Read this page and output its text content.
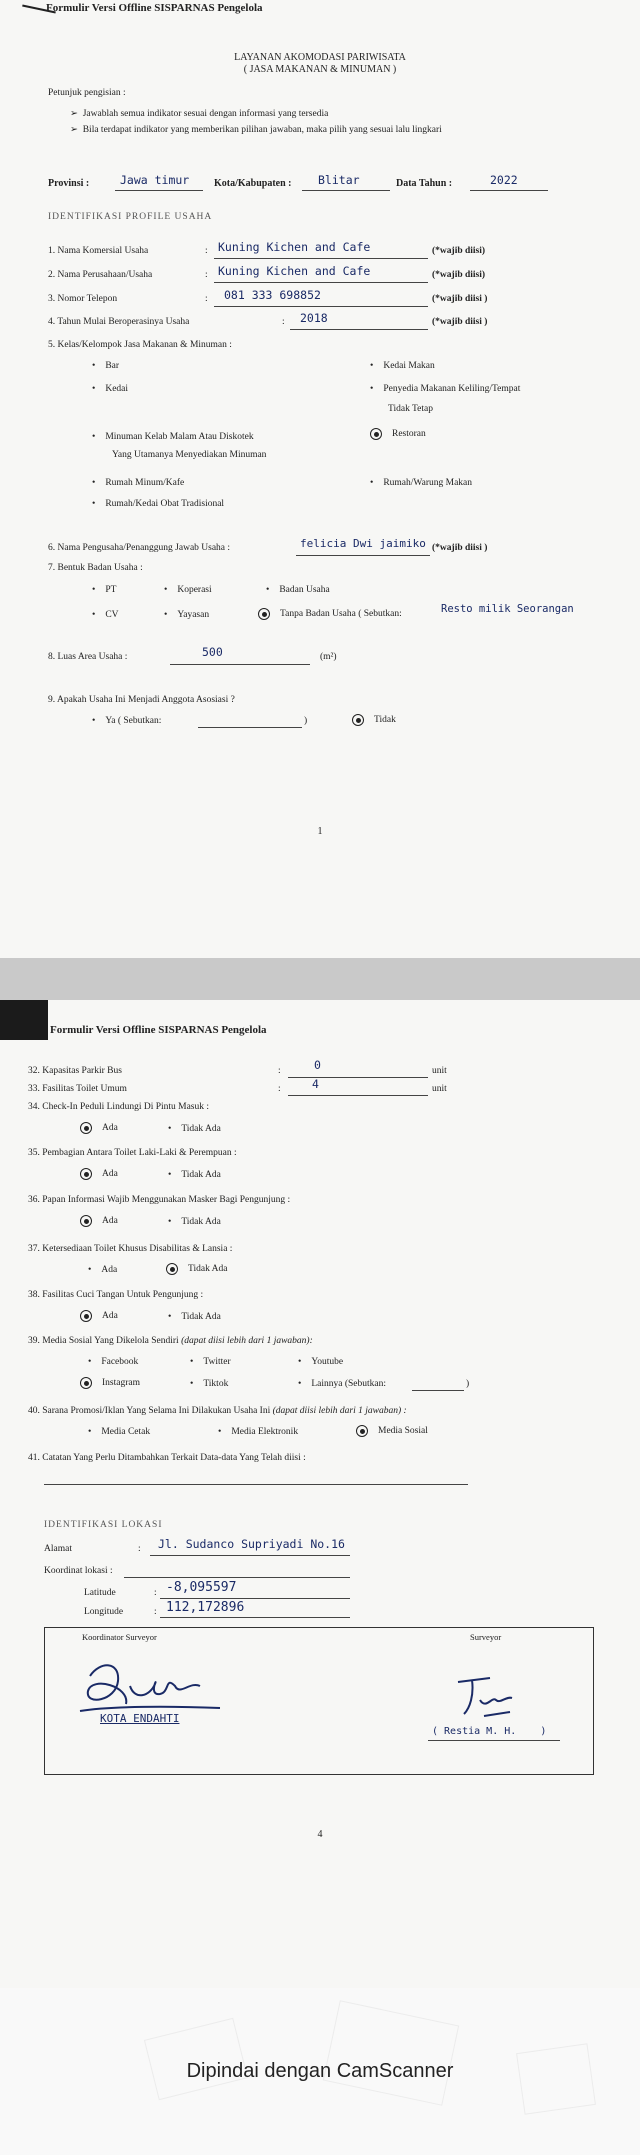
Formulir Versi Offline SISPARNAS Pengelola
LAYANAN AKOMODASI PARIWISATA
( JASA MAKANAN & MINUMAN )
Petunjuk pengisian :
➢  Jawablah semua indikator sesuai dengan informasi yang tersedia
➢  Bila terdapat indikator yang memberikan pilihan jawaban, maka pilih yang sesuai lalu lingkari
Provinsi :	Jawa timur Kota/Kabupaten : Blitar	Data Tahun :	2022
IDENTIFIKASI PROFILE USAHA
1. Nama Komersial Usaha	: Kuning Kichen and Cafe	(*wajib diisi)
2. Nama Perusahaan/Usaha	: Kuning Kichen and Cafe	(*wajib diisi)
3. Nomor Telepon	: 081 333 698852	(*wajib diisi )
4. Tahun Mulai Beroperasinya Usaha	: 2018	(*wajib diisi )
5. Kelas/Kelompok Jasa Makanan & Minuman :
• Bar
• Kedai
• Minuman Kelab Malam Atau Diskotek
Yang Utamanya Menyediakan Minuman
• Rumah Minum/Kafe
• Rumah/Kedai Obat Tradisional
• Kedai Makan
• Penyedia Makanan Keliling/Tempat
Tidak Tetap
Restoran
• Rumah/Warung Makan
6. Nama Pengusaha/Penanggung Jawab Usaha :	felicia Dwi jaimiko (*wajib diisi )
7. Bentuk Badan Usaha :
• PT	• Koperasi	• Badan Usaha
• CV	• Yayasan	Tanpa Badan Usaha ( Sebutkan:	Resto milik Seorangan
8. Luas Area Usaha :	500	(m²)
9. Apakah Usaha Ini Menjadi Anggota Asosiasi ?
• Ya ( Sebutkan:	)	Tidak
1
Formulir Versi Offline SISPARNAS Pengelola
32. Kapasitas Parkir Bus	:	0	unit
33. Fasilitas Toilet Umum	:	4	unit
34. Check-In Peduli Lindungi Di Pintu Masuk :
Ada	• Tidak Ada
35. Pembagian Antara Toilet Laki-Laki & Perempuan :
Ada	• Tidak Ada
36. Papan Informasi Wajib Menggunakan Masker Bagi Pengunjung :
Ada	• Tidak Ada
37. Ketersediaan Toilet Khusus Disabilitas & Lansia :
• Ada	Tidak Ada
38. Fasilitas Cuci Tangan Untuk Pengunjung :
Ada	• Tidak Ada
39. Media Sosial Yang Dikelola Sendiri (dapat diisi lebih dari 1 jawaban):
• Facebook	• Twitter	• Youtube
Instagram	• Tiktok	• Lainnya (Sebutkan:	)
40. Sarana Promosi/Iklan Yang Selama Ini Dilakukan Usaha Ini (dapat diisi lebih dari 1 jawaban) :
• Media Cetak	• Media Elektronik	Media Sosial
41. Catatan Yang Perlu Ditambahkan Terkait Data-data Yang Telah diisi :
IDENTIFIKASI LOKASI
Alamat	: Jl. Sudanco Supriyadi No.16
Koordinat lokasi :
Latitude	: -8,095597
Longitude	: 112,172896
Koordinator Surveyor	Surveyor
KOTA ENDAHTI
( Restia M. H. )
4
Dipindai dengan CamScanner
